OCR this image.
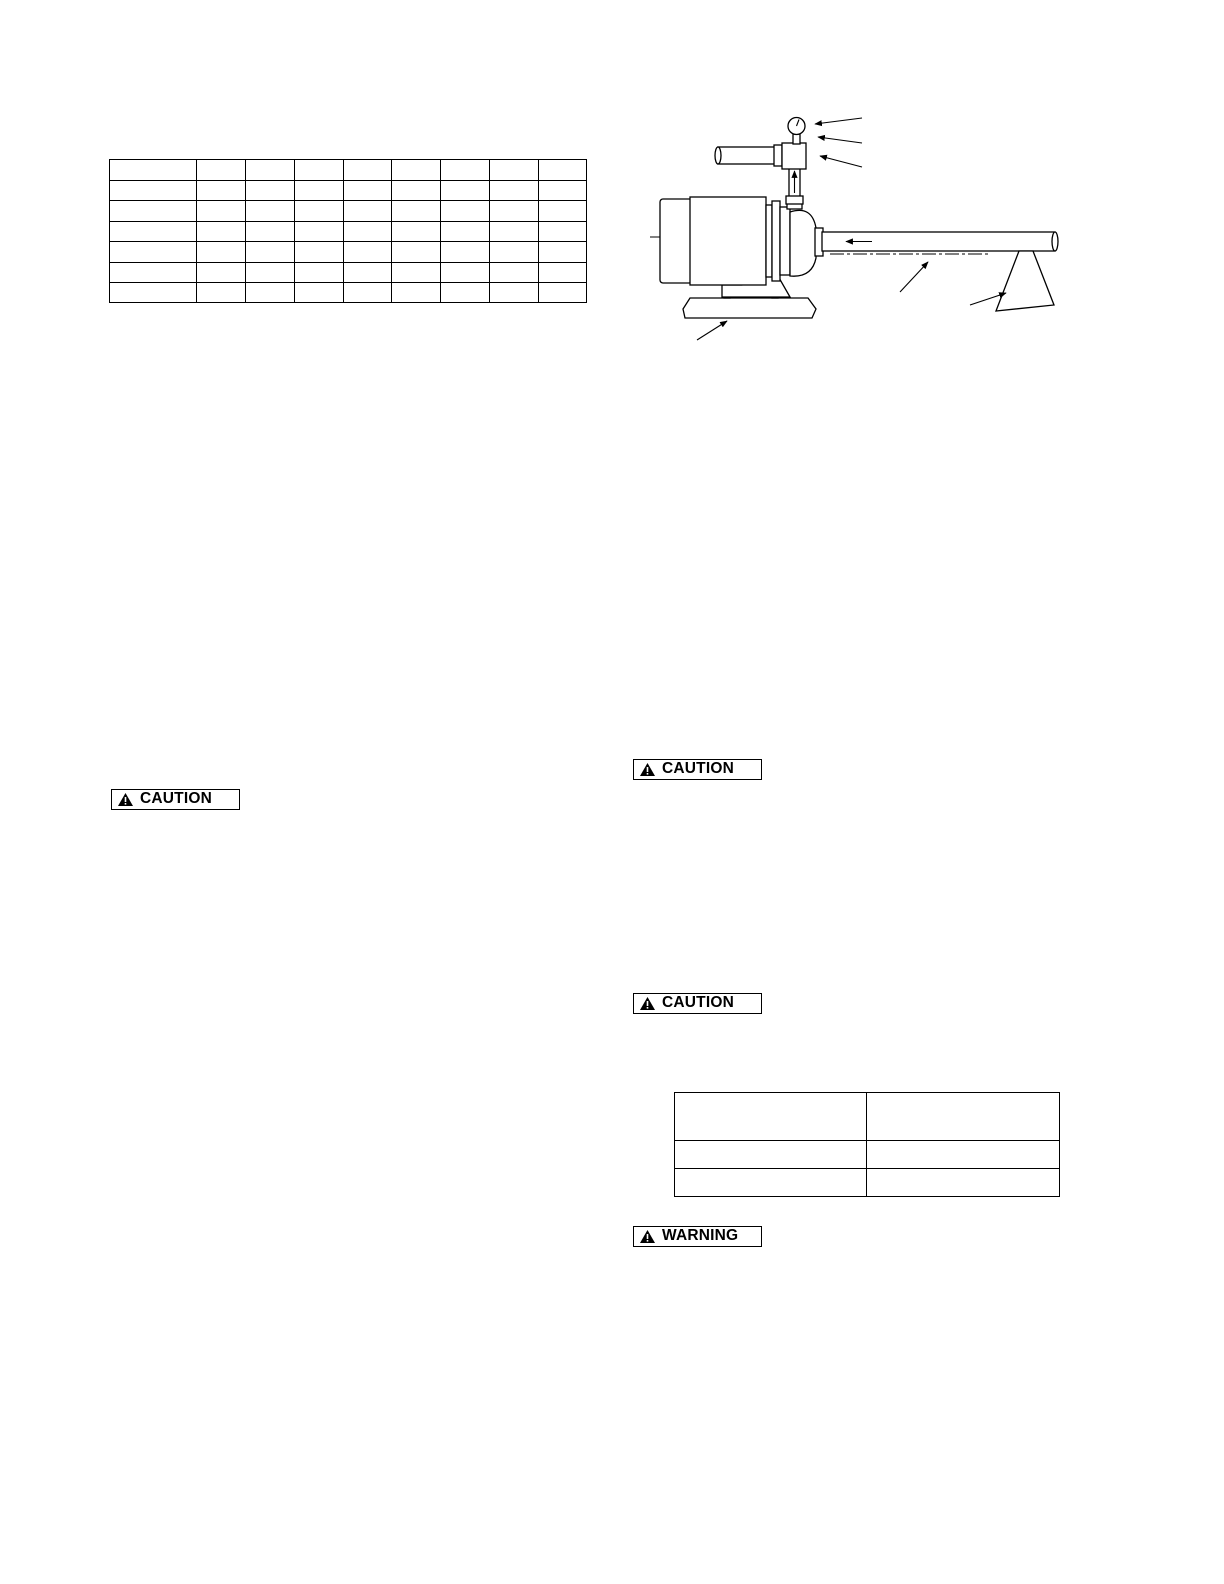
CAUTION
CAUTION
CAUTION

WARNING
